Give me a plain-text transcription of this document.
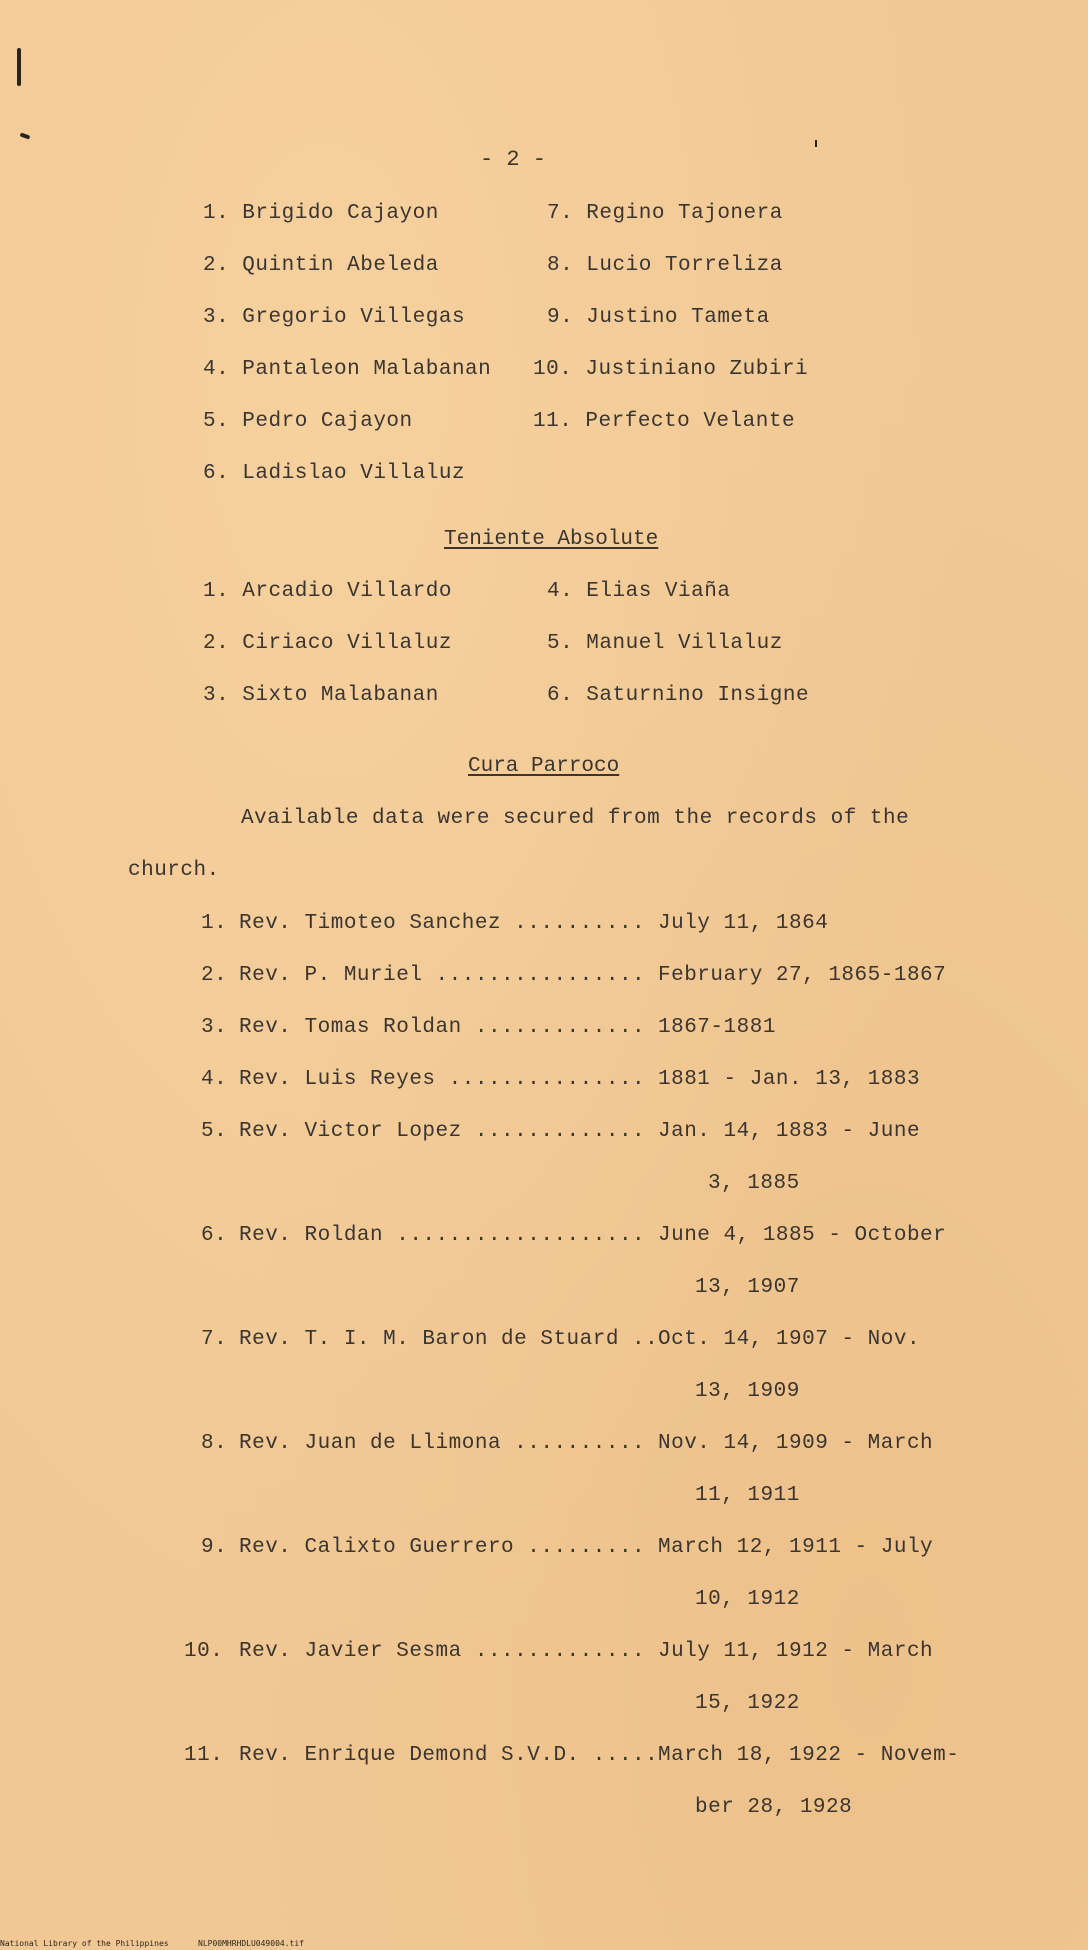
- 2 -
1. Brigido Cajayon
2. Quintin Abeleda
3. Gregorio Villegas
4. Pantaleon Malabanan
5. Pedro Cajayon
6. Ladislao Villaluz
7. Regino Tajonera
8. Lucio Torreliza
9. Justino Tameta
10. Justiniano Zubiri
11. Perfecto Velante
Teniente Absolute
1. Arcadio Villardo
2. Ciriaco Villaluz
3. Sixto Malabanan
4. Elias Viaña
5. Manuel Villaluz
6. Saturnino Insigne
Cura Parroco
Available data were secured from the records of the
church.
1. Rev. Timoteo Sanchez .......... July 11, 1864
2. Rev. P. Muriel ................ February 27, 1865-1867
3. Rev. Tomas Roldan ............. 1867-1881
4. Rev. Luis Reyes ............... 1881 - Jan. 13, 1883
5. Rev. Victor Lopez ............. Jan. 14, 1883 - June
3, 1885
6. Rev. Roldan ................... June 4, 1885 - October
13, 1907
7. Rev. T. I. M. Baron de Stuard .. Oct. 14, 1907 - Nov.
13, 1909
8. Rev. Juan de Llimona .......... Nov. 14, 1909 - March
11, 1911
9. Rev. Calixto Guerrero ......... March 12, 1911 - July
10, 1912
10. Rev. Javier Sesma ............. July 11, 1912 - March
15, 1922
11. Rev. Enrique Demond S.V.D. ..... March 18, 1922 - Novem-
ber 28, 1928
National Library of the Philippines	NLP00MHRHDLU049004.tif
